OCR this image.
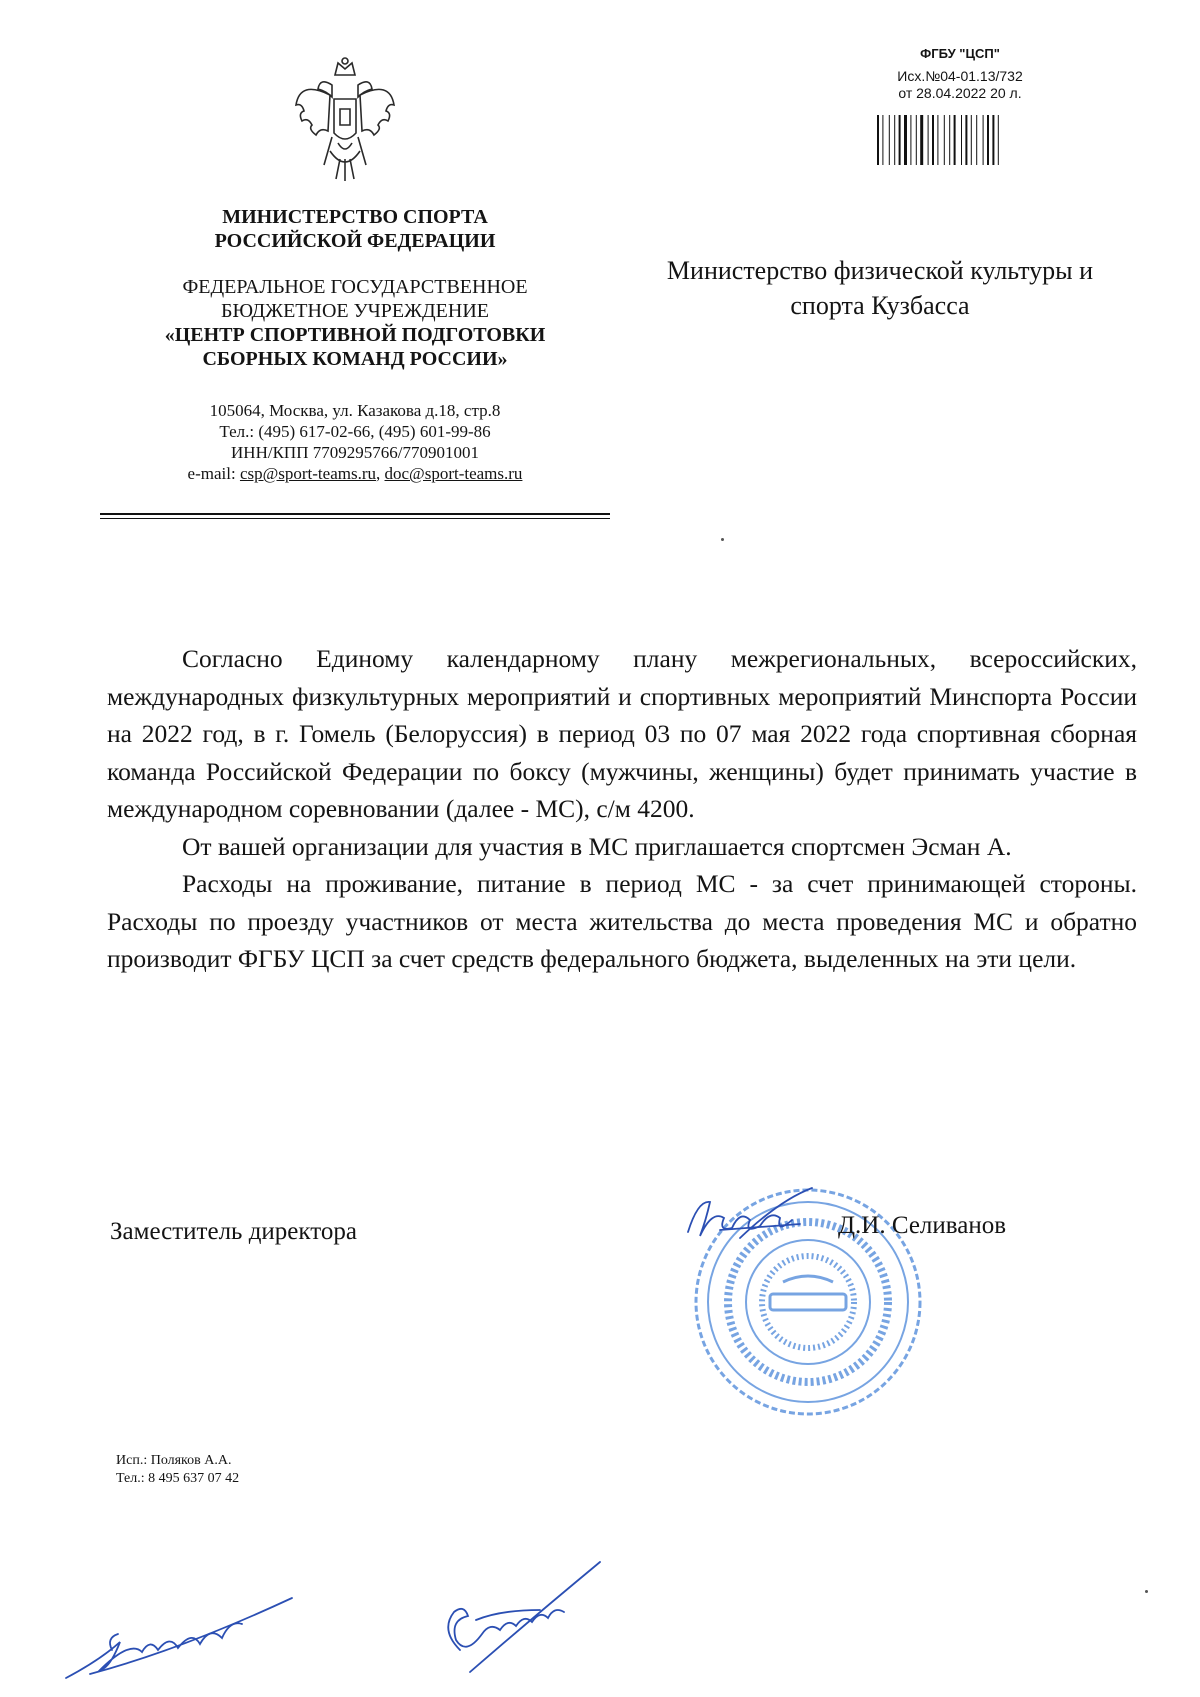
МИНИСТЕРСТВО СПОРТА
РОССИЙСКОЙ ФЕДЕРАЦИИ
ФЕДЕРАЛЬНОЕ ГОСУДАРСТВЕННОЕ
БЮДЖЕТНОЕ УЧРЕЖДЕНИЕ
«ЦЕНТР СПОРТИВНОЙ ПОДГОТОВКИ
СБОРНЫХ КОМАНД РОССИИ»
105064, Москва, ул. Казакова д.18, стр.8
Тел.: (495) 617-02-66, (495) 601-99-86
ИНН/КПП 7709295766/770901001
e-mail: csp@sport-teams.ru, doc@sport-teams.ru
ФГБУ "ЦСП"
Исх.№04-01.13/732
от 28.04.2022 20 л.
Министерство физической культуры и
спорта Кузбасса

Согласно Единому календарному плану межрегиональных, всероссийских, международных физкультурных мероприятий и спортивных мероприятий Минспорта России на 2022 год, в г. Гомель (Белоруссия) в период 03 по 07 мая 2022 года спортивная сборная команда Российской Федерации по боксу (мужчины, женщины) будет принимать участие в международном соревновании (далее - МС), с/м 4200.

От вашей организации для участия в МС приглашается спортсмен Эсман А.

Расходы на проживание, питание в период МС - за счет принимающей стороны. Расходы по проезду участников от места жительства до места проведения МС и обратно производит ФГБУ ЦСП за счет средств федерального бюджета, выделенных на эти цели.

Заместитель директора	Д.И. Селиванов
Исп.: Поляков А.А.
Тел.: 8 495 637 07 42
